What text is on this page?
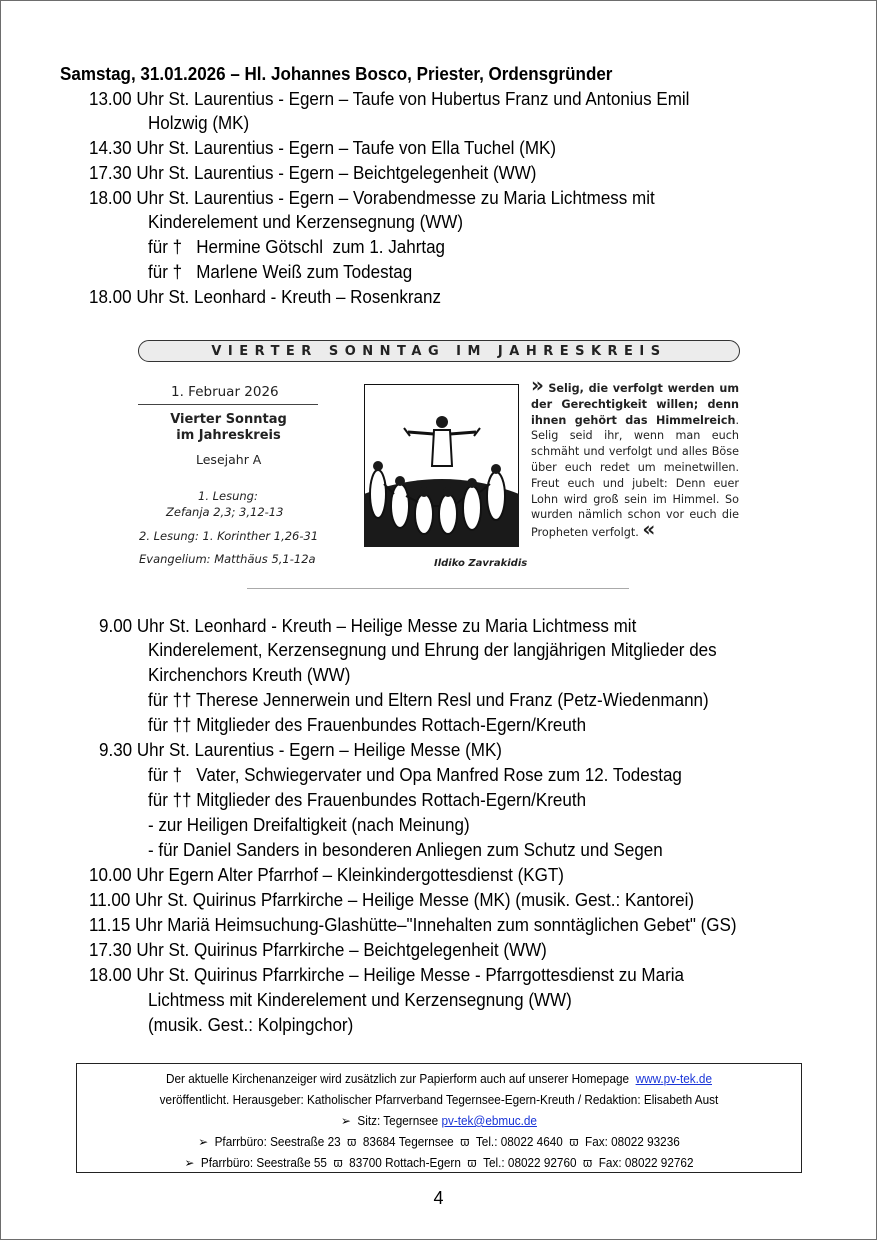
Samstag, 31.01.2026 – Hl. Johannes Bosco, Priester, Ordensgründer
13.00 Uhr St. Laurentius - Egern – Taufe von Hubertus Franz und Antonius Emil
Holzwig (MK)
14.30 Uhr St. Laurentius - Egern – Taufe von Ella Tuchel (MK)
17.30 Uhr St. Laurentius - Egern – Beichtgelegenheit (WW)
18.00 Uhr St. Laurentius - Egern – Vorabendmesse zu Maria Lichtmess mit
Kinderelement und Kerzensegnung (WW)
für †   Hermine Götschl  zum 1. Jahrtag
für †   Marlene Weiß zum Todestag
18.00 Uhr St. Leonhard - Kreuth – Rosenkranz
VIERTER SONNTAG IM JAHRESKREIS
1. Februar 2026
Vierter Sonntag im Jahreskreis
Lesejahr A
1. Lesung:
Zefanja 2,3; 3,12-13
2. Lesung: 1. Korinther 1,26-31
Evangelium: Matthäus 5,1-12a	Ildiko Zavrakidis
» Selig, die verfolgt werden um der Gerechtigkeit willen; denn ihnen gehört das Himmelreich. Selig seid ihr, wenn man euch schmäht und verfolgt und alles Böse über euch redet um meinetwillen. Freut euch und jubelt: Denn euer Lohn wird groß sein im Himmel. So wurden nämlich schon vor euch die Propheten verfolgt. «
9.00 Uhr St. Leonhard - Kreuth – Heilige Messe zu Maria Lichtmess mit
Kinderelement, Kerzensegnung und Ehrung der langjährigen Mitglieder des
Kirchenchors Kreuth (WW)
für †† Therese Jennerwein und Eltern Resl und Franz (Petz-Wiedenmann)
für †† Mitglieder des Frauenbundes Rottach-Egern/Kreuth
9.30 Uhr St. Laurentius - Egern – Heilige Messe (MK)
für †   Vater, Schwiegervater und Opa Manfred Rose zum 12. Todestag
für †† Mitglieder des Frauenbundes Rottach-Egern/Kreuth
- zur Heiligen Dreifaltigkeit (nach Meinung)
- für Daniel Sanders in besonderen Anliegen zum Schutz und Segen
10.00 Uhr Egern Alter Pfarrhof – Kleinkindergottesdienst (KGT)
11.00 Uhr St. Quirinus Pfarrkirche – Heilige Messe (MK) (musik. Gest.: Kantorei)
11.15 Uhr Mariä Heimsuchung-Glashütte–"Innehalten zum sonntäglichen Gebet" (GS)
17.30 Uhr St. Quirinus Pfarrkirche – Beichtgelegenheit (WW)
18.00 Uhr St. Quirinus Pfarrkirche – Heilige Messe - Pfarrgottesdienst zu Maria
Lichtmess mit Kinderelement und Kerzensegnung (WW)
(musik. Gest.: Kolpingchor)
Der aktuelle Kirchenanzeiger wird zusätzlich zur Papierform auch auf unserer Homepage  www.pv-tek.de
veröffentlicht. Herausgeber: Katholischer Pfarrverband Tegernsee-Egern-Kreuth / Redaktion: Elisabeth Aust
➢  Sitz: Tegernsee pv-tek@ebmuc.de
➢  Pfarrbüro: Seestraße 23  ϖ  83684 Tegernsee  ϖ  Tel.: 08022 4640  ϖ  Fax: 08022 93236
➢  Pfarrbüro: Seestraße 55  ϖ  83700 Rottach-Egern  ϖ  Tel.: 08022 92760  ϖ  Fax: 08022 92762
4
